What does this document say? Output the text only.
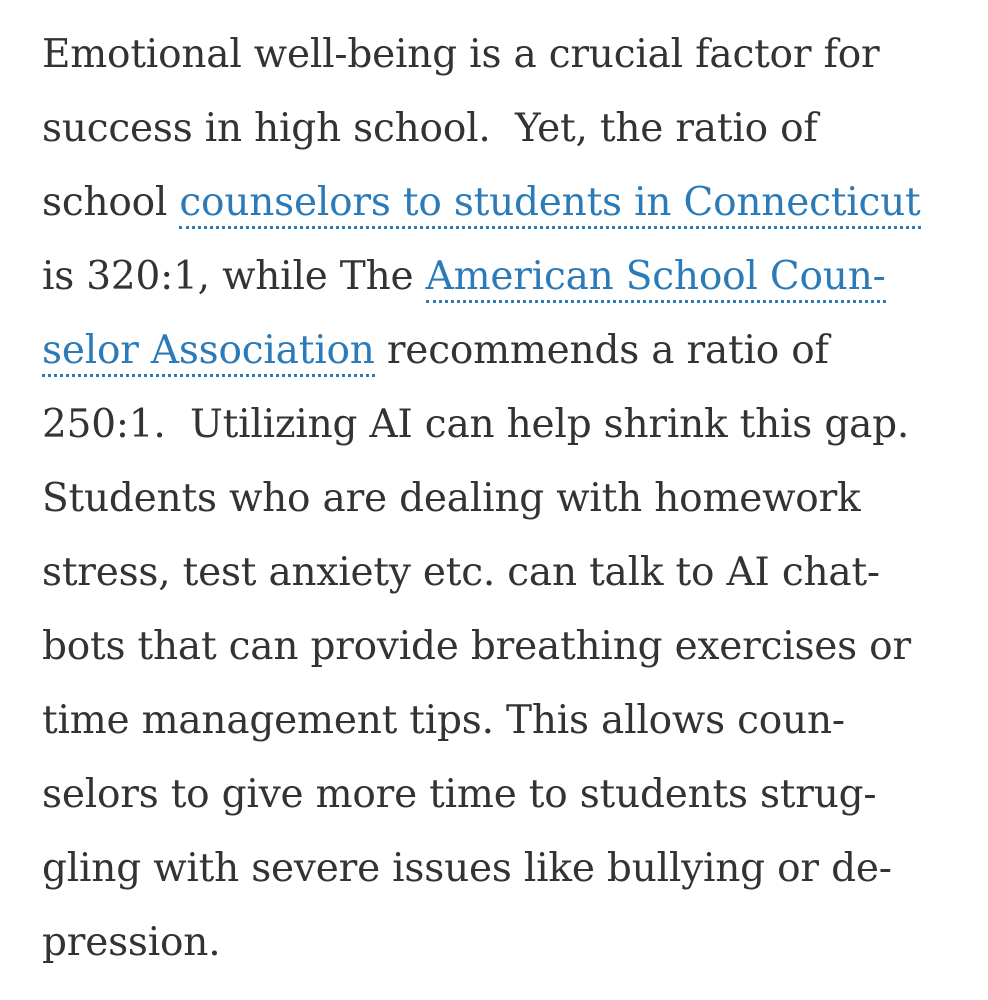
Emotional well-being is a crucial factor for
success in high school.  Yet, the ratio of
school counselors to students in Connecticut
is 320:1, while The American School Coun-
selor Association recommends a ratio of
250:1.  Utilizing AI can help shrink this gap.
Students who are dealing with homework
stress, test anxiety etc. can talk to AI chat-
bots that can provide breathing exercises or
time management tips. This allows coun-
selors to give more time to students strug-
gling with severe issues like bullying or de-
pression.
